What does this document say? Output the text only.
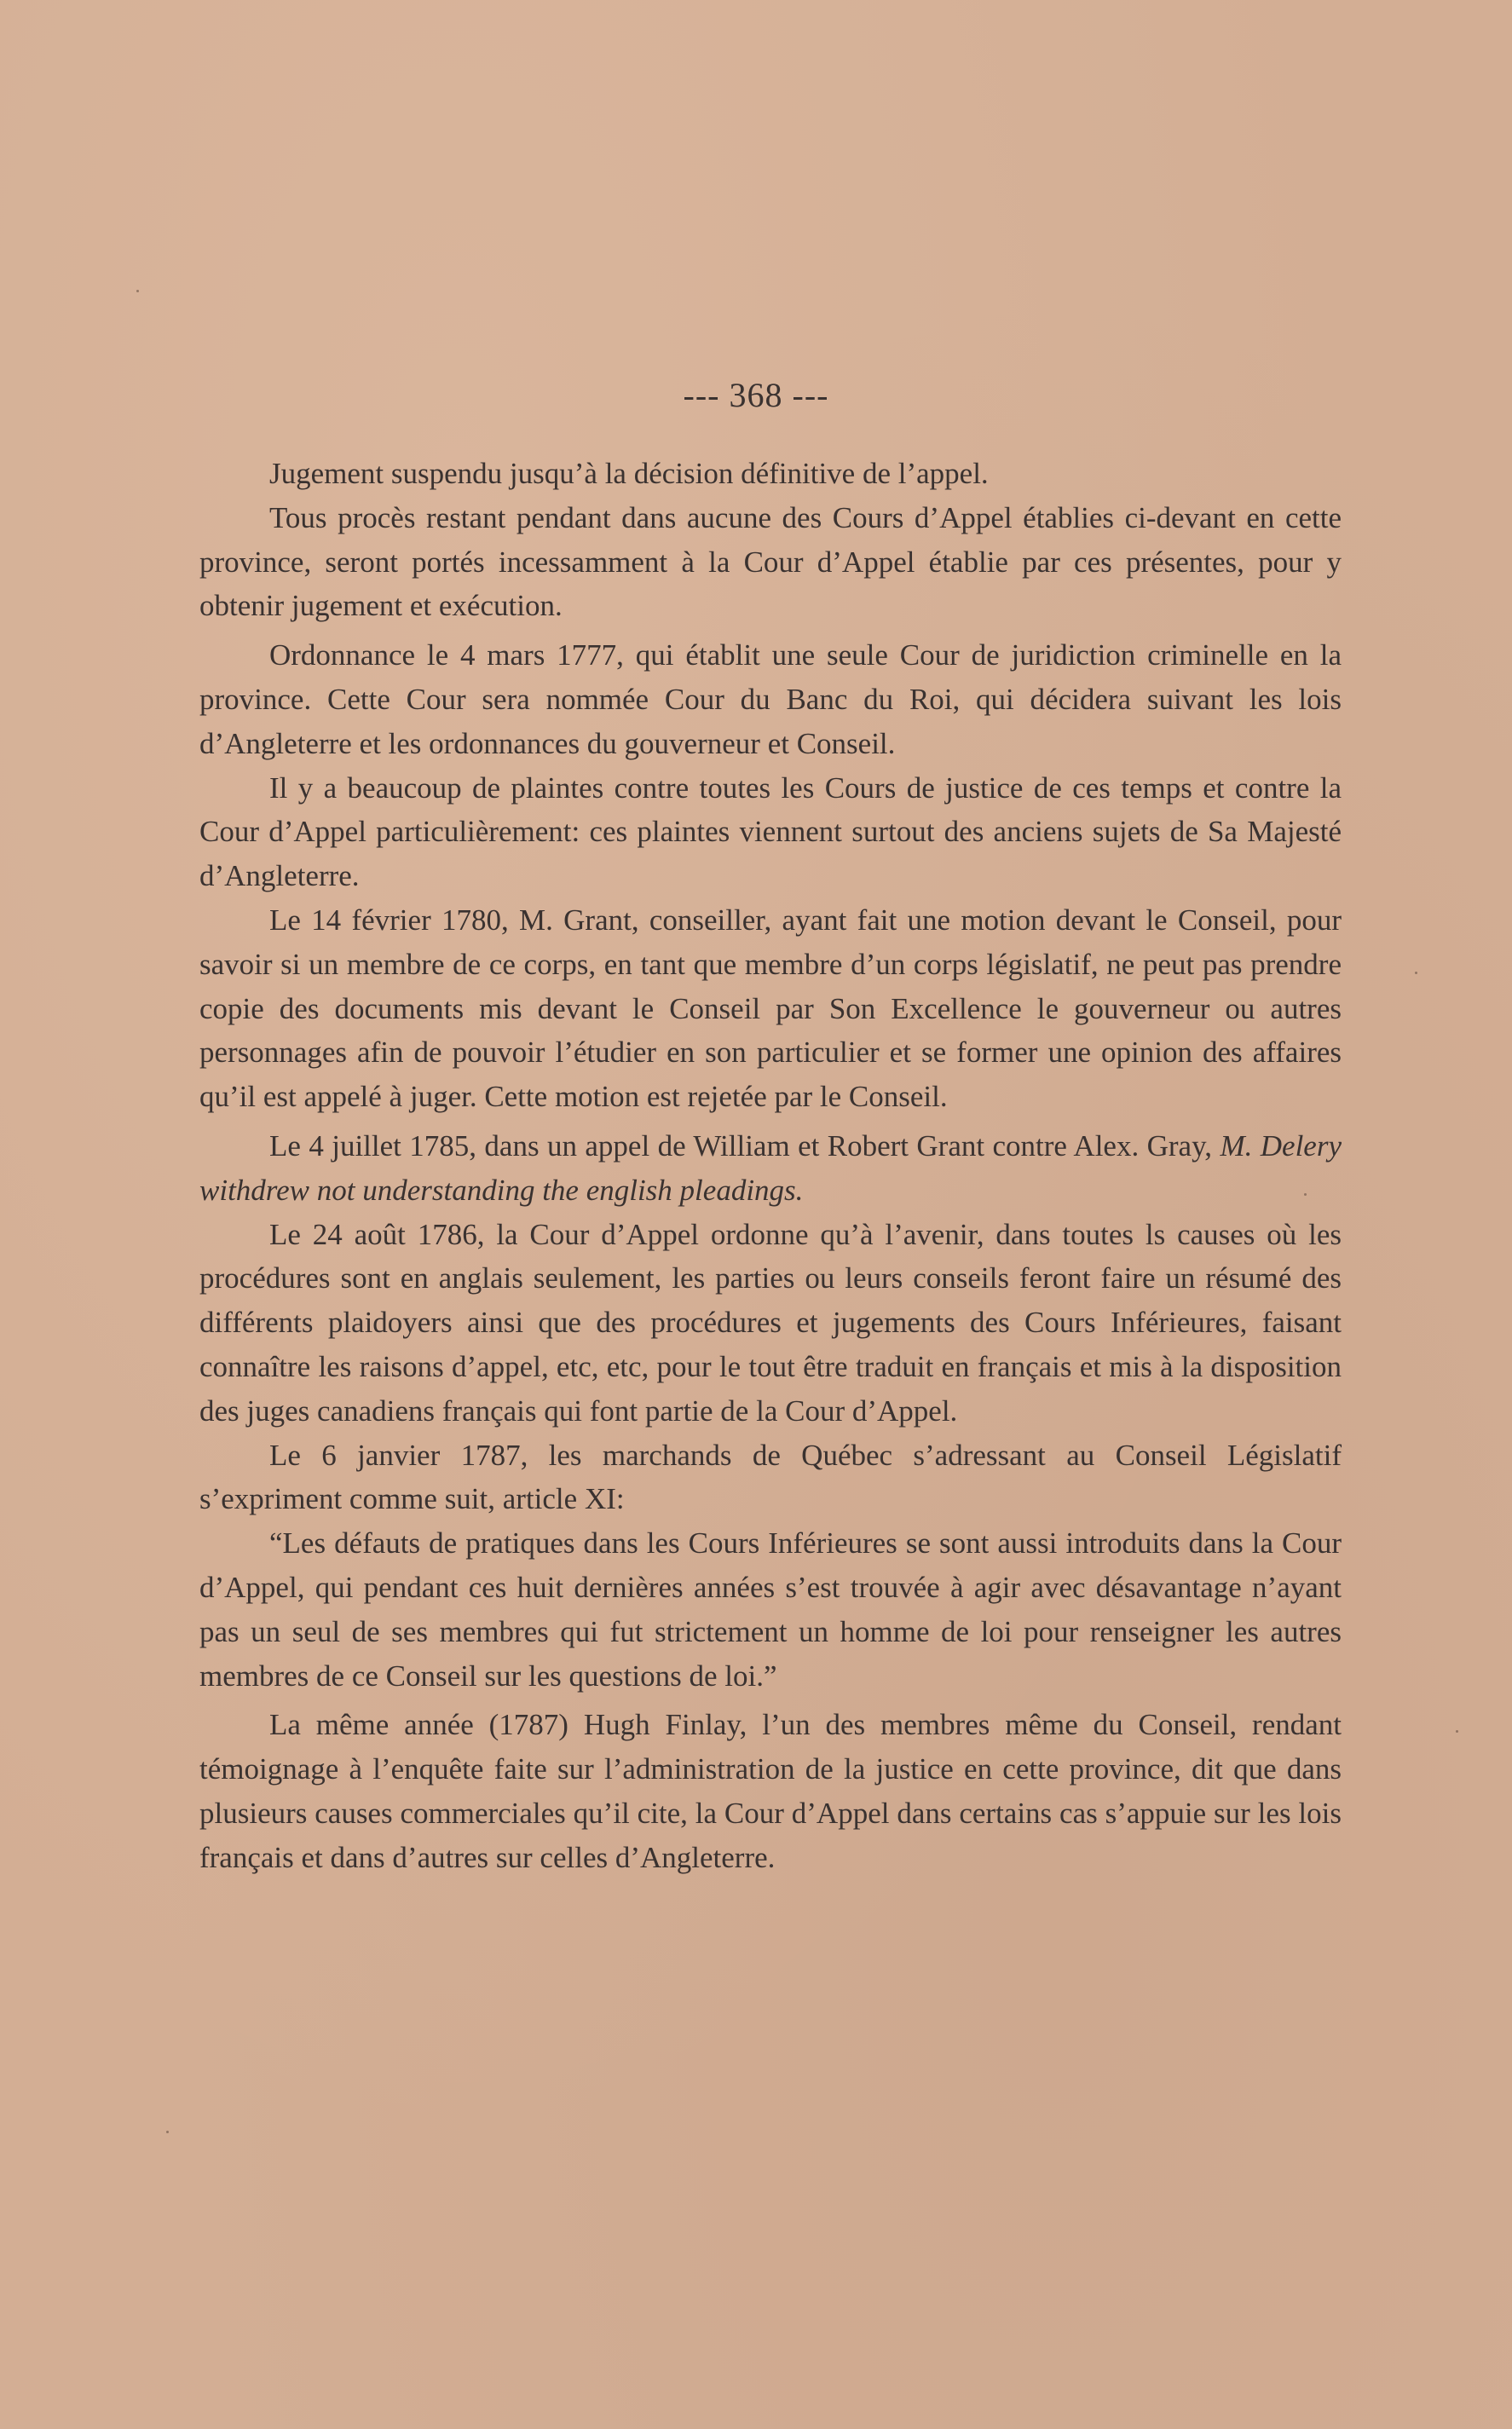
--- 368 ---

Jugement suspendu jusqu’à la décision définitive de l’appel.

Tous procès restant pendant dans aucune des Cours d’Appel établies ci-devant en cette province, seront portés incessamment à la Cour d’Appel établie par ces présentes, pour y obtenir jugement et exécution.

Ordonnance le 4 mars 1777, qui établit une seule Cour de juridiction criminelle en la province. Cette Cour sera nommée Cour du Banc du Roi, qui décidera suivant les lois d’Angleterre et les ordonnances du gouverneur et Conseil.

Il y a beaucoup de plaintes contre toutes les Cours de justice de ces temps et contre la Cour d’Appel particulièrement: ces plaintes viennent surtout des anciens sujets de Sa Majesté d’Angleterre.

Le 14 février 1780, M. Grant, conseiller, ayant fait une motion devant le Conseil, pour savoir si un membre de ce corps, en tant que membre d’un corps législatif, ne peut pas prendre copie des documents mis devant le Conseil par Son Excellence le gouverneur ou autres personnages afin de pouvoir l’étudier en son particulier et se former une opinion des affaires qu’il est appelé à juger. Cette motion est rejetée par le Conseil.

Le 4 juillet 1785, dans un appel de William et Robert Grant contre Alex. Gray, M. Delery withdrew not understanding the english pleadings.

Le 24 août 1786, la Cour d’Appel ordonne qu’à l’avenir, dans toutes ls causes où les procédures sont en anglais seulement, les parties ou leurs conseils feront faire un résumé des différents plaidoyers ainsi que des procédures et jugements des Cours Inférieures, faisant connaître les raisons d’appel, etc, etc, pour le tout être traduit en français et mis à la disposition des juges canadiens français qui font partie de la Cour d’Appel.

Le 6 janvier 1787, les marchands de Québec s’adressant au Conseil Législatif s’expriment comme suit, article XI:

“Les défauts de pratiques dans les Cours Inférieures se sont aussi introduits dans la Cour d’Appel, qui pendant ces huit dernières années s’est trouvée à agir avec désavantage n’ayant pas un seul de ses membres qui fut strictement un homme de loi pour renseigner les autres membres de ce Conseil sur les questions de loi.”

La même année (1787) Hugh Finlay, l’un des membres même du Conseil, rendant témoignage à l’enquête faite sur l’administration de la justice en cette province, dit que dans plusieurs causes commerciales qu’il cite, la Cour d’Appel dans certains cas s’appuie sur les lois français et dans d’autres sur celles d’Angleterre.
